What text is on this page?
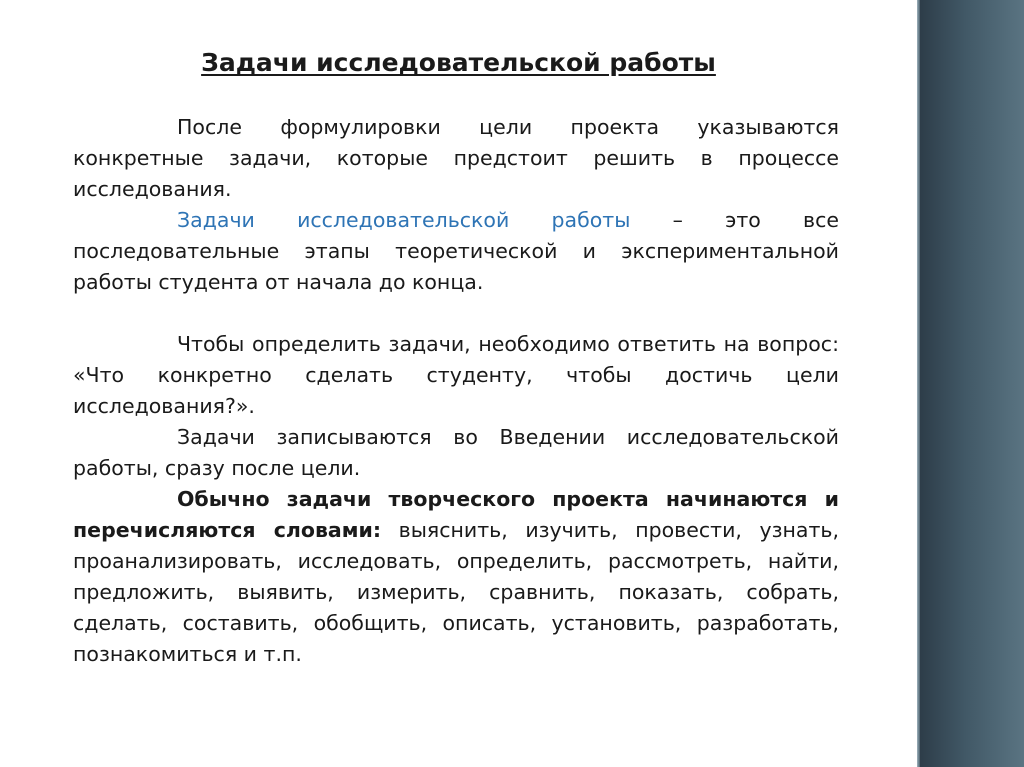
Задачи исследовательской работы

После формулировки цели проекта указываются конкретные задачи, которые предстоит решить в процессе исследования.

Задачи исследовательской работы – это все последовательные этапы теоретической и экспериментальной работы студента от начала до конца.

Чтобы определить задачи, необходимо ответить на вопрос: «Что конкретно сделать студенту, чтобы достичь цели исследования?».

Задачи записываются во Введении исследовательской работы, сразу после цели.

Обычно задачи творческого проекта начинаются и перечисляются словами: выяснить, изучить, провести, узнать, проанализировать, исследовать, определить, рассмотреть, найти, предложить, выявить, измерить, сравнить, показать, собрать, сделать, составить, обобщить, описать, установить, разработать, познакомиться и т.п.
